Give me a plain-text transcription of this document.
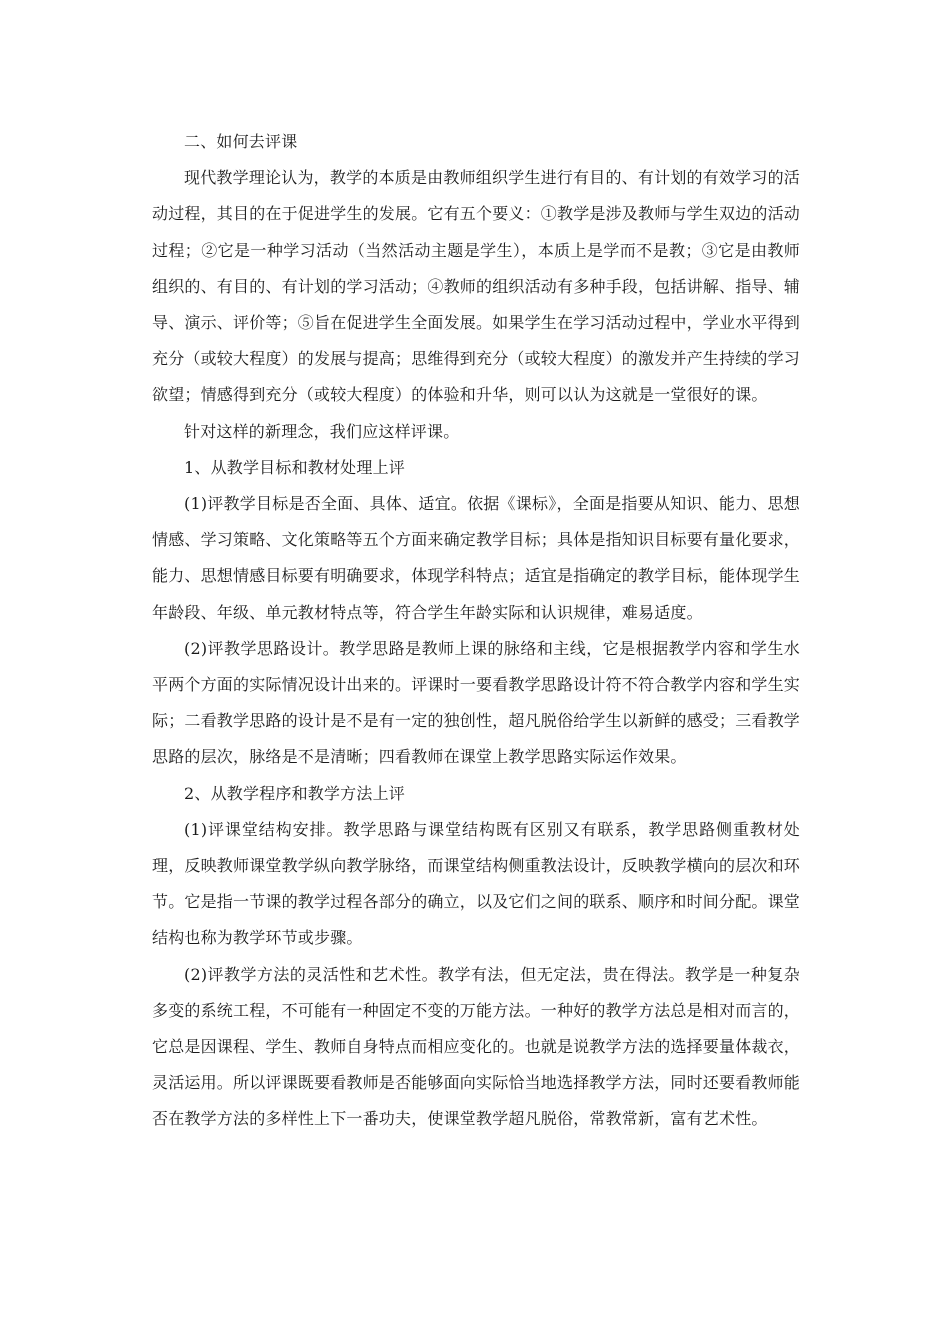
二、如何去评课

现代教学理论认为，教学的本质是由教师组织学生进行有目的、有计划的有效学习的活动过程，其目的在于促进学生的发展。它有五个要义：①教学是涉及教师与学生双边的活动过程；②它是一种学习活动（当然活动主题是学生），本质上是学而不是教；③它是由教师组织的、有目的、有计划的学习活动；④教师的组织活动有多种手段，包括讲解、指导、辅导、演示、评价等；⑤旨在促进学生全面发展。如果学生在学习活动过程中，学业水平得到充分（或较大程度）的发展与提高；思维得到充分（或较大程度）的激发并产生持续的学习欲望；情感得到充分（或较大程度）的体验和升华，则可以认为这就是一堂很好的课。

针对这样的新理念，我们应这样评课。

1、从教学目标和教材处理上评

(1)评教学目标是否全面、具体、适宜。依据《课标》，全面是指要从知识、能力、思想情感、学习策略、文化策略等五个方面来确定教学目标；具体是指知识目标要有量化要求，能力、思想情感目标要有明确要求，体现学科特点；适宜是指确定的教学目标，能体现学生年龄段、年级、单元教材特点等，符合学生年龄实际和认识规律，难易适度。

(2)评教学思路设计。教学思路是教师上课的脉络和主线，它是根据教学内容和学生水平两个方面的实际情况设计出来的。评课时一要看教学思路设计符不符合教学内容和学生实际；二看教学思路的设计是不是有一定的独创性，超凡脱俗给学生以新鲜的感受；三看教学思路的层次，脉络是不是清晰；四看教师在课堂上教学思路实际运作效果。

2、从教学程序和教学方法上评

(1)评课堂结构安排。教学思路与课堂结构既有区别又有联系，教学思路侧重教材处理，反映教师课堂教学纵向教学脉络，而课堂结构侧重教法设计，反映教学横向的层次和环节。它是指一节课的教学过程各部分的确立，以及它们之间的联系、顺序和时间分配。课堂结构也称为教学环节或步骤。

(2)评教学方法的灵活性和艺术性。教学有法，但无定法，贵在得法。教学是一种复杂多变的系统工程，不可能有一种固定不变的万能方法。一种好的教学方法总是相对而言的，它总是因课程、学生、教师自身特点而相应变化的。也就是说教学方法的选择要量体裁衣，灵活运用。所以评课既要看教师是否能够面向实际恰当地选择教学方法，同时还要看教师能否在教学方法的多样性上下一番功夫，使课堂教学超凡脱俗，常教常新，富有艺术性。
